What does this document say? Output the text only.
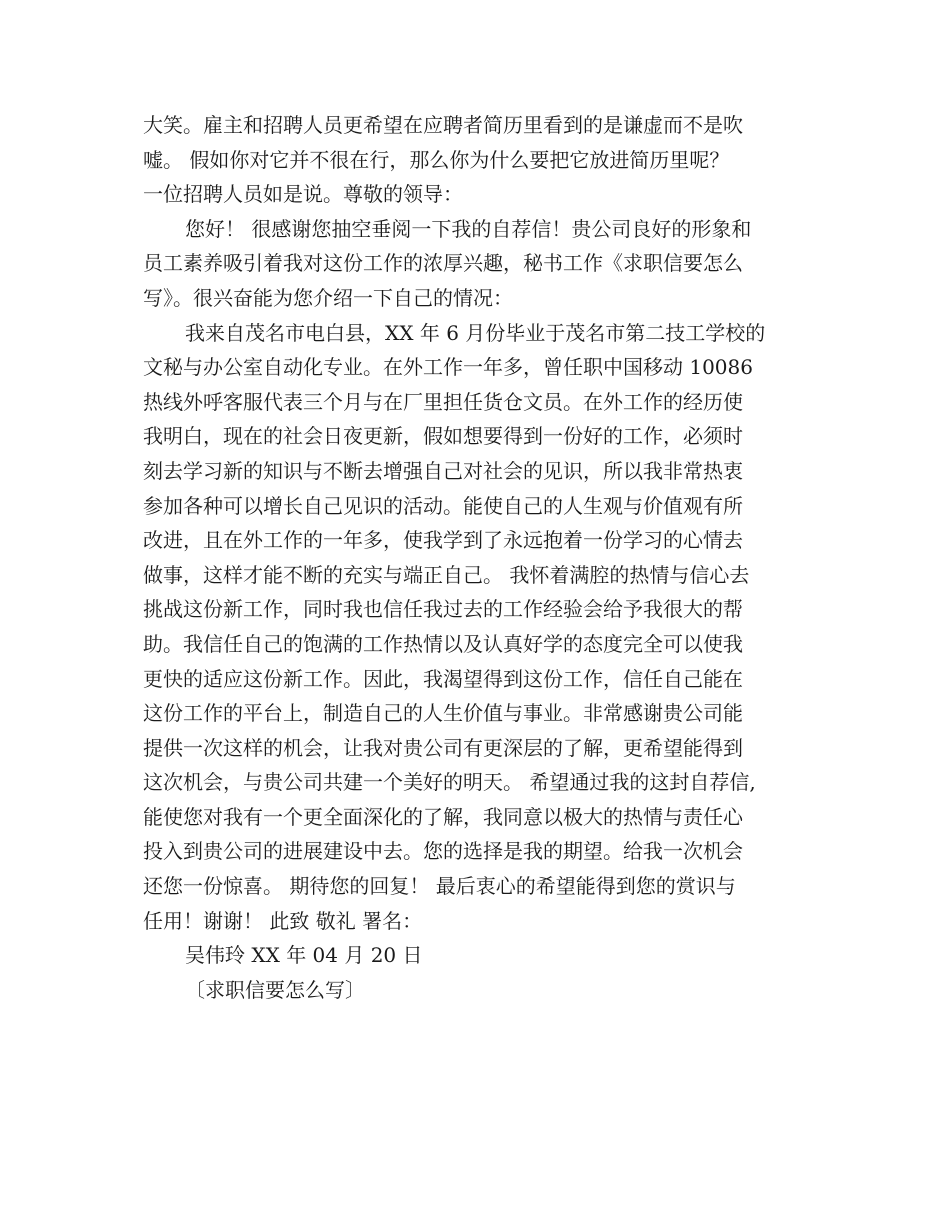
大笑。雇主和招聘人员更希望在应聘者简历里看到的是谦虚而不是吹
嘘。 假如你对它并不很在行，那么你为什么要把它放进简历里呢？
一位招聘人员如是说。尊敬的领导：
您好！ 很感谢您抽空垂阅一下我的自荐信！贵公司良好的形象和
员工素养吸引着我对这份工作的浓厚兴趣，秘书工作《求职信要怎么
写》。很兴奋能为您介绍一下自己的情况：
我来自茂名市电白县，XX 年 6 月份毕业于茂名市第二技工学校的
文秘与办公室自动化专业。在外工作一年多，曾任职中国移动 10086
热线外呼客服代表三个月与在厂里担任货仓文员。在外工作的经历使
我明白，现在的社会日夜更新，假如想要得到一份好的工作，必须时
刻去学习新的知识与不断去增强自己对社会的见识，所以我非常热衷
参加各种可以增长自己见识的活动。能使自己的人生观与价值观有所
改进，且在外工作的一年多，使我学到了永远抱着一份学习的心情去
做事，这样才能不断的充实与端正自己。 我怀着满腔的热情与信心去
挑战这份新工作，同时我也信任我过去的工作经验会给予我很大的帮
助。我信任自己的饱满的工作热情以及认真好学的态度完全可以使我
更快的适应这份新工作。因此，我渴望得到这份工作，信任自己能在
这份工作的平台上，制造自己的人生价值与事业。非常感谢贵公司能
提供一次这样的机会，让我对贵公司有更深层的了解，更希望能得到
这次机会，与贵公司共建一个美好的明天。 希望通过我的这封自荐信,
能使您对我有一个更全面深化的了解，我同意以极大的热情与责任心
投入到贵公司的进展建设中去。您的选择是我的期望。给我一次机会
还您一份惊喜。 期待您的回复！ 最后衷心的希望能得到您的赏识与
任用！谢谢！ 此致 敬礼 署名：
吴伟玲 XX 年 04 月 20 日
〔求职信要怎么写〕
